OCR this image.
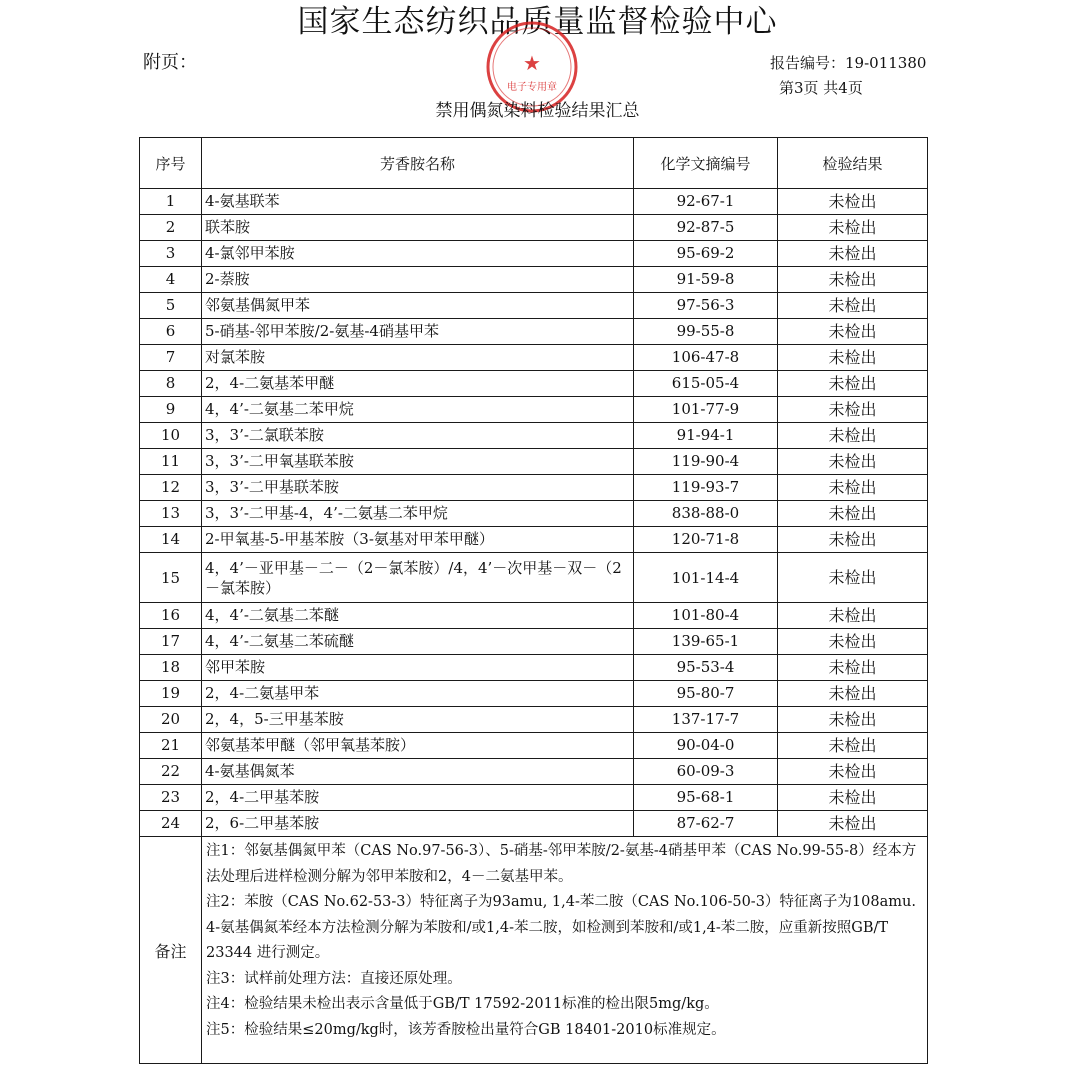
国家生态纺织品质量监督检验中心
★
电子专用章
附页：	报告编号：19-011380
第3页 共4页
禁用偶氮染料检验结果汇总
序号	芳香胺名称	化学文摘编号	检验结果
1	4-氨基联苯	92-67-1	未检出
2	联苯胺	92-87-5	未检出
3	4-氯邻甲苯胺	95-69-2	未检出
4	2-萘胺	91-59-8	未检出
5	邻氨基偶氮甲苯	97-56-3	未检出
6	5-硝基-邻甲苯胺/2-氨基-4硝基甲苯	99-55-8	未检出
7	对氯苯胺	106-47-8	未检出
8	2，4-二氨基苯甲醚	615-05-4	未检出
9	4，4’-二氨基二苯甲烷	101-77-9	未检出
10	3，3’-二氯联苯胺	91-94-1	未检出
11	3，3’-二甲氧基联苯胺	119-90-4	未检出
12	3，3’-二甲基联苯胺	119-93-7	未检出
13	3，3’-二甲基-4，4’-二氨基二苯甲烷	838-88-0	未检出
14	2-甲氧基-5-甲基苯胺（3-氨基对甲苯甲醚）	120-71-8	未检出
15	4，4’－亚甲基－二－（2－氯苯胺）/4，4’－次甲基－双－（2－氯苯胺）	101-14-4	未检出
16	4，4’-二氨基二苯醚	101-80-4	未检出
17	4，4’-二氨基二苯硫醚	139-65-1	未检出
18	邻甲苯胺	95-53-4	未检出
19	2，4-二氨基甲苯	95-80-7	未检出
20	2，4，5-三甲基苯胺	137-17-7	未检出
21	邻氨基苯甲醚（邻甲氧基苯胺）	90-04-0	未检出
22	4-氨基偶氮苯	60-09-3	未检出
23	2，4-二甲基苯胺	95-68-1	未检出
24	2，6-二甲基苯胺	87-62-7	未检出
备注	注1：邻氨基偶氮甲苯（CAS No.97-56-3）、5-硝基-邻甲苯胺/2-氨基-4硝基甲苯（CAS No.99-55-8）经本方法处理后进样检测分解为邻甲苯胺和2，4－二氨基甲苯。
注2：苯胺（CAS No.62-53-3）特征离子为93amu, 1,4-苯二胺（CAS No.106-50-3）特征离子为108amu. 4-氨基偶氮苯经本方法检测分解为苯胺和/或1,4-苯二胺，如检测到苯胺和/或1,4-苯二胺，应重新按照GB/T 23344 进行测定。
注3：试样前处理方法：直接还原处理。
注4：检验结果未检出表示含量低于GB/T 17592-2011标准的检出限5mg/kg。
注5：检验结果≤20mg/kg时，该芳香胺检出量符合GB 18401-2010标准规定。		
